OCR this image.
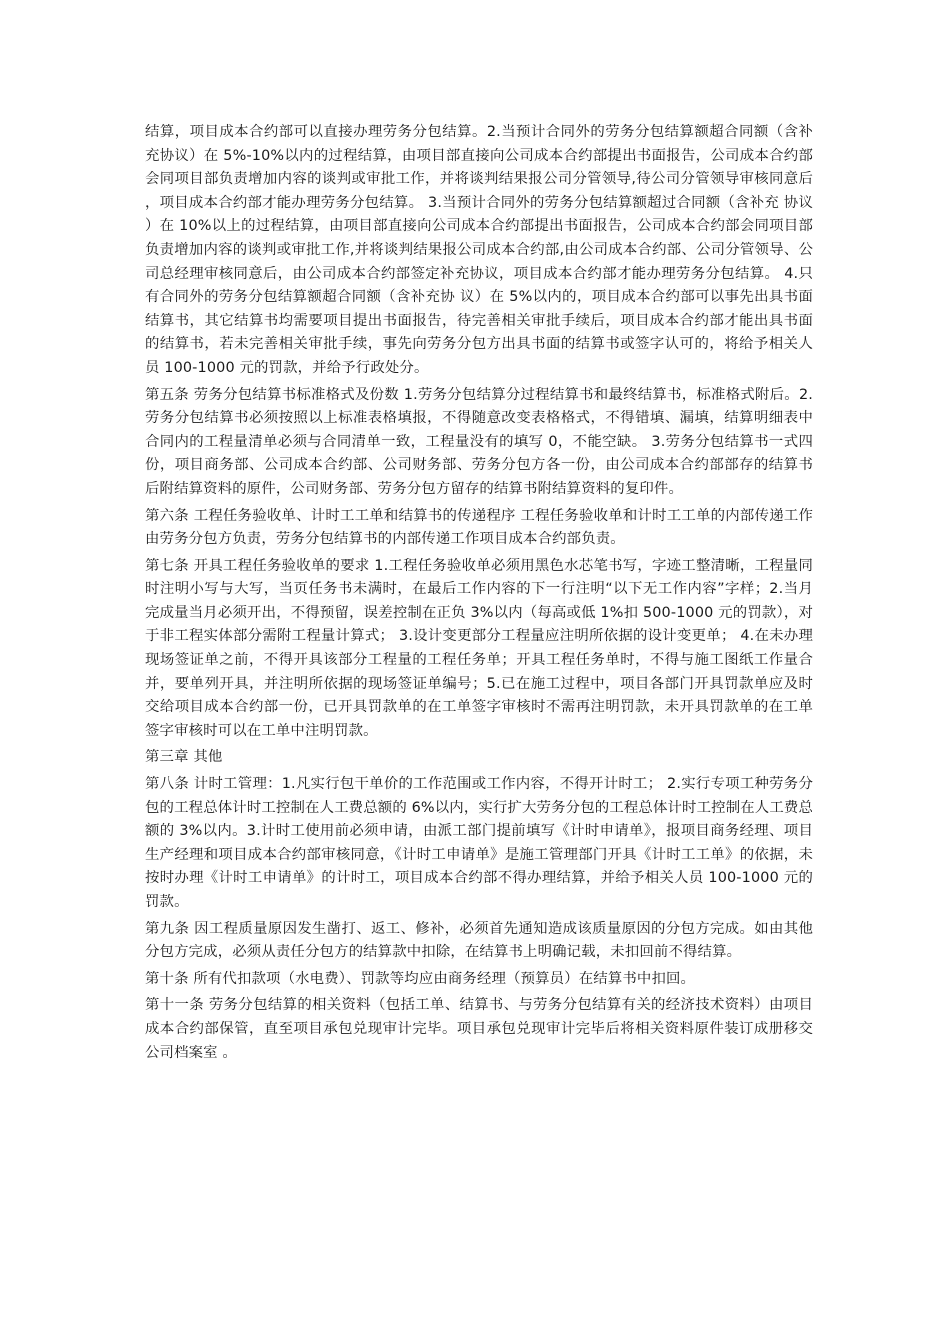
结算，项目成本合约部可以直接办理劳务分包结算。2.当预计合同外的劳务分包结算额超合同额（含补充协议）在 5%-10%以内的过程结算，由项目部直接向公司成本合约部提出书面报告，公司成本合约部会同项目部负责增加内容的谈判或审批工作，并将谈判结果报公司分管领导,待公司分管领导审核同意后，项目成本合约部才能办理劳务分包结算。 3.当预计合同外的劳务分包结算额超过合同额（含补充 协议）在 10%以上的过程结算，由项目部直接向公司成本合约部提出书面报告，公司成本合约部会同项目部负责增加内容的谈判或审批工作,并将谈判结果报公司成本合约部,由公司成本合约部、公司分管领导、公司总经理审核同意后，由公司成本合约部签定补充协议，项目成本合约部才能办理劳务分包结算。 4.只有合同外的劳务分包结算额超合同额（含补充协 议）在 5%以内的，项目成本合约部可以事先出具书面结算书，其它结算书均需要项目提出书面报告，待完善相关审批手续后，项目成本合约部才能出具书面的结算书，若未完善相关审批手续，事先向劳务分包方出具书面的结算书或签字认可的，将给予相关人员 100-1000 元的罚款，并给予行政处分。

第五条 劳务分包结算书标准格式及份数 1.劳务分包结算分过程结算书和最终结算书，标准格式附后。2.劳务分包结算书必须按照以上标准表格填报，不得随意改变表格格式，不得错填、漏填，结算明细表中合同内的工程量清单必须与合同清单一致，工程量没有的填写 0，不能空缺。 3.劳务分包结算书一式四份，项目商务部、公司成本合约部、公司财务部、劳务分包方各一份，由公司成本合约部部存的结算书后附结算资料的原件，公司财务部、劳务分包方留存的结算书附结算资料的复印件。

第六条 工程任务验收单、计时工工单和结算书的传递程序 工程任务验收单和计时工工单的内部传递工作由劳务分包方负责，劳务分包结算书的内部传递工作项目成本合约部负责。

第七条 开具工程任务验收单的要求 1.工程任务验收单必须用黑色水芯笔书写，字迹工整清晰，工程量同时注明小写与大写，当页任务书未满时，在最后工作内容的下一行注明“以下无工作内容”字样；2.当月完成量当月必须开出，不得预留，误差控制在正负 3%以内（每高或低 1%扣 500-1000 元的罚款），对于非工程实体部分需附工程量计算式； 3.设计变更部分工程量应注明所依据的设计变更单； 4.在未办理现场签证单之前，不得开具该部分工程量的工程任务单；开具工程任务单时，不得与施工图纸工作量合并，要单列开具，并注明所依据的现场签证单编号；5.已在施工过程中，项目各部门开具罚款单应及时交给项目成本合约部一份，已开具罚款单的在工单签字审核时不需再注明罚款，未开具罚款单的在工单签字审核时可以在工单中注明罚款。

第三章 其他

第八条 计时工管理：1.凡实行包干单价的工作范围或工作内容，不得开计时工； 2.实行专项工种劳务分包的工程总体计时工控制在人工费总额的 6%以内，实行扩大劳务分包的工程总体计时工控制在人工费总额的 3%以内。3.计时工使用前必须申请，由派工部门提前填写《计时申请单》，报项目商务经理、项目生产经理和项目成本合约部审核同意，《计时工申请单》是施工管理部门开具《计时工工单》的依据，未按时办理《计时工申请单》的计时工，项目成本合约部不得办理结算，并给予相关人员 100-1000 元的罚款。

第九条 因工程质量原因发生凿打、返工、修补，必须首先通知造成该质量原因的分包方完成。如由其他分包方完成，必须从责任分包方的结算款中扣除，在结算书上明确记载，未扣回前不得结算。

第十条 所有代扣款项（水电费）、罚款等均应由商务经理（预算员）在结算书中扣回。

第十一条 劳务分包结算的相关资料（包括工单、结算书、与劳务分包结算有关的经济技术资料）由项目成本合约部保管，直至项目承包兑现审计完毕。项目承包兑现审计完毕后将相关资料原件装订成册移交公司档案室 。
